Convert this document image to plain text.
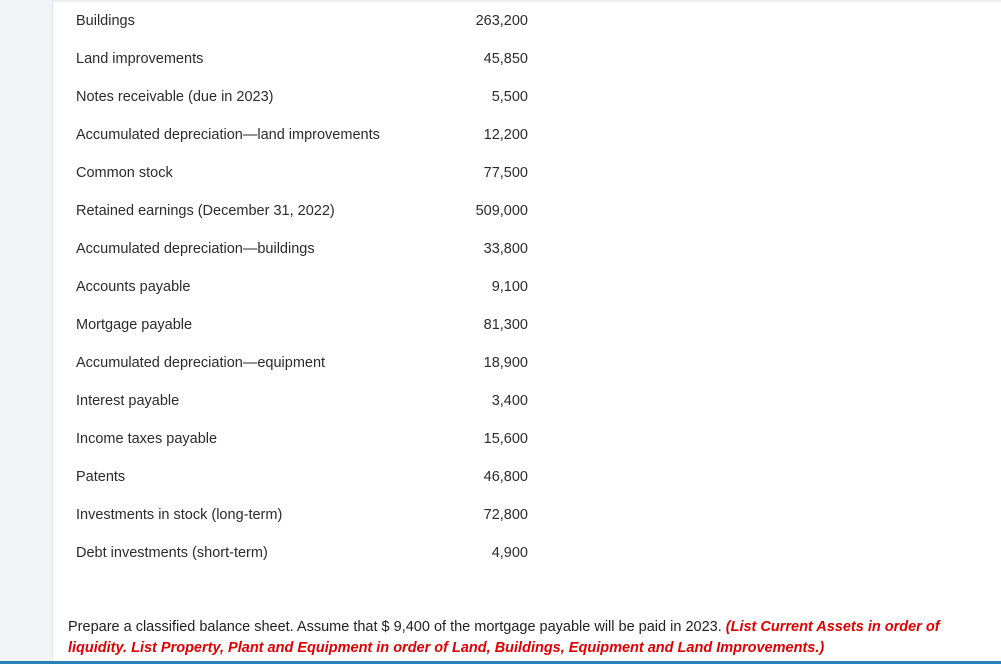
Buildings	263,200
Land improvements	45,850
Notes receivable (due in 2023)	5,500
Accumulated depreciation—land improvements	12,200
Common stock	77,500
Retained earnings (December 31, 2022)	509,000
Accumulated depreciation—buildings	33,800
Accounts payable	9,100
Mortgage payable	81,300
Accumulated depreciation—equipment	18,900
Interest payable	3,400
Income taxes payable	15,600
Patents	46,800
Investments in stock (long-term)	72,800
Debt investments (short-term)	4,900
Prepare a classified balance sheet. Assume that $ 9,400 of the mortgage payable will be paid in 2023. (List Current Assets in order of liquidity. List Property, Plant and Equipment in order of Land, Buildings, Equipment and Land Improvements.)
